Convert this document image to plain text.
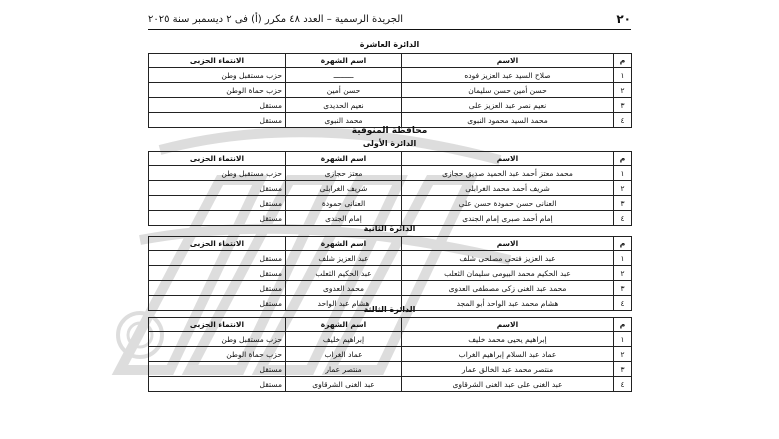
٢٠
الجريدة الرسمية – العدد ٤٨ مكرر (أ) فى ٢ ديسمبر سنة ٢٠٢٥
الدائرة العاشرة
م	الاسم	اسم الشهرة	الانتماء الحزبى
١	صلاح السيد عبد العزيز فوده	ـــــــــ	حزب مستقبل وطن
٢	حسن أمين حسن سليمان	حسن أمين	حزب حماة الوطن
٣	نعيم نصر عبد العزيز على	نعيم الحديدى	مستقل
٤	محمد السيد محمود النبوى	محمد النبوى	مستقل
محافظة المنوفية
الدائرة الأولى
م	الاسم	اسم الشهرة	الانتماء الحزبى
١	محمد معتز أحمد عبد الحميد صديق حجازى	معتز حجازى	حزب مستقبل وطن
٢	شريف أحمد محمد الغرابلى	شريف الغرابلى	مستقل
٣	العنانى حسن حمودة حسن على	العنانى حمودة	مستقل
٤	إمام أحمد صبرى إمام الجندى	إمام الجندى	مستقل
الدائرة الثانية
م	الاسم	اسم الشهرة	الانتماء الحزبى
١	عبد العزيز فتحى مصلحى شلف	عبد العزيز شلف	مستقل
٢	عبد الحكيم محمد البيومى سليمان الثعلب	عبد الحكيم الثعلب	مستقل
٣	محمد عبد الغنى زكى مصطفى العدوى	محمد العدوى	مستقل
٤	هشام محمد عبد الواحد أبو المجد	هشام عبد الواحد	مستقل
الدائرة الثالثة
م	الاسم	اسم الشهرة	الانتماء الحزبى
١	إبراهيم يحيى محمد خليف	إبراهيم خليف	حزب مستقبل وطن
٢	عماد عبد السلام إبراهيم الغراب	عماد الغراب	حزب حماة الوطن
٣	منتصر محمد عبد الخالق عمار	منتصر عمار	مستقل
٤	عبد الغنى على عبد الغنى الشرقاوى	عبد الغنى الشرقاوى	مستقل
